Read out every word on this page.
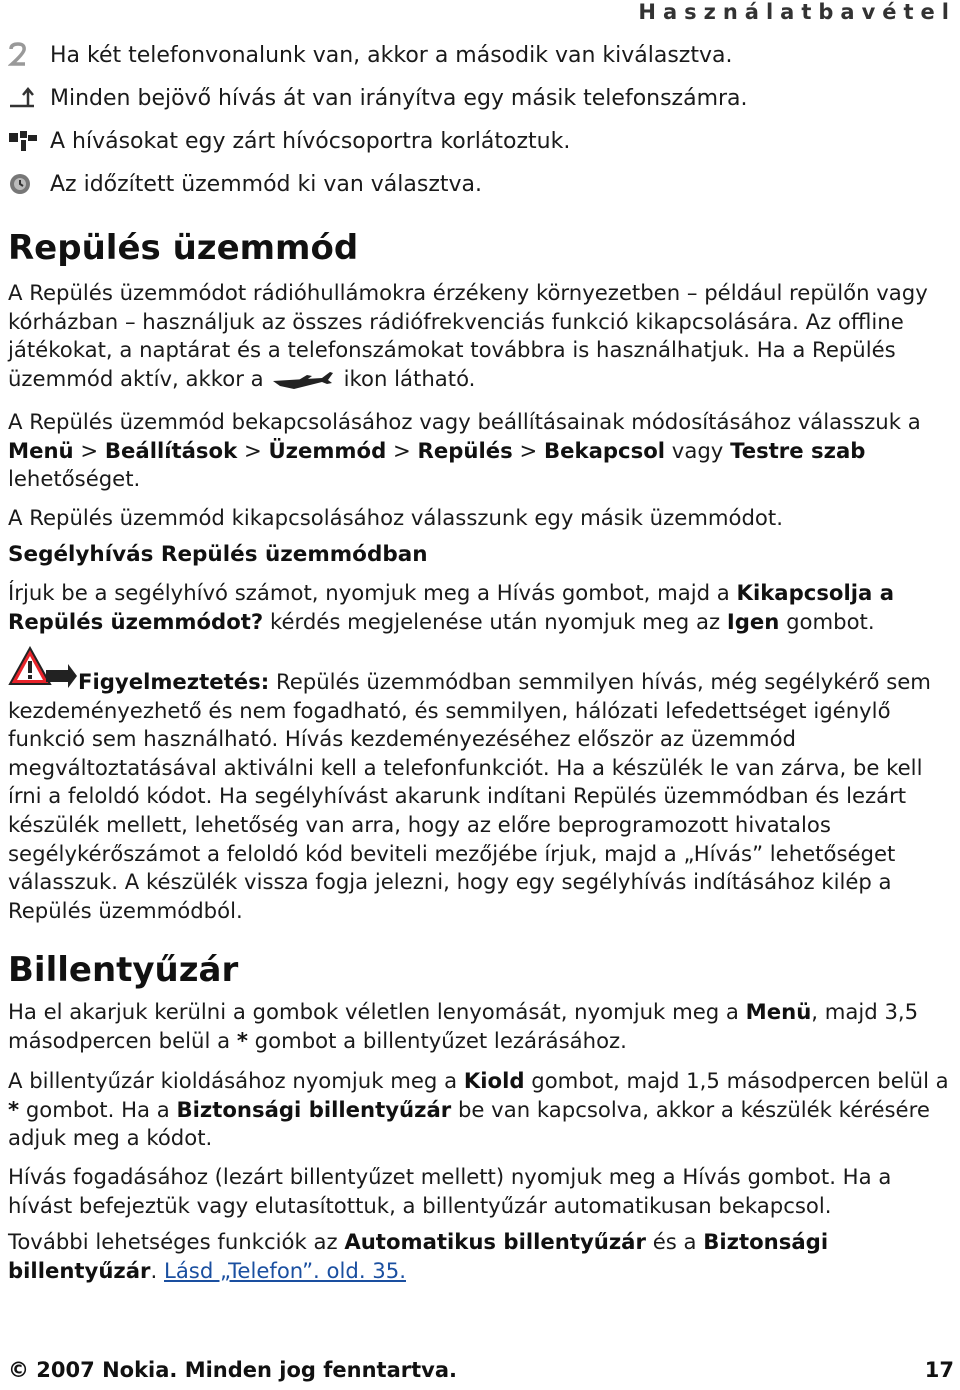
Használatbavétel
Ha két telefonvonalunk van, akkor a második van kiválasztva.
Minden bejövő hívás át van irányítva egy másik telefonszámra.
A hívásokat egy zárt hívócsoportra korlátoztuk.
Az időzített üzemmód ki van választva.
Repülés üzemmód

A Repülés üzemmódot rádióhullámokra érzékeny környezetben – például repülőn vagy kórházban – használjuk az összes rádiófrekvenciás funkció kikapcsolására. Az offline játékokat, a naptárat és a telefonszámokat továbbra is használhatjuk. Ha a Repülés üzemmód aktív, akkor a	ikon látható.

A Repülés üzemmód bekapcsolásához vagy beállításainak módosításához válasszuk a Menü > Beállítások > Üzemmód > Repülés > Bekapcsol vagy Testre szab lehetőséget.

A Repülés üzemmód kikapcsolásához válasszunk egy másik üzemmódot.

Segélyhívás Repülés üzemmódban

Írjuk be a segélyhívó számot, nyomjuk meg a Hívás gombot, majd a Kikapcsolja a Repülés üzemmódot? kérdés megjelenése után nyomjuk meg az Igen gombot.

Figyelmeztetés: Repülés üzemmódban semmilyen hívás, még segélykérő sem kezdeményezhető és nem fogadható, és semmilyen, hálózati lefedettséget igénylő funkció sem használható. Hívás kezdeményezéséhez először az üzemmód megváltoztatásával aktiválni kell a telefonfunkciót. Ha a készülék le van zárva, be kell írni a feloldó kódot. Ha segélyhívást akarunk indítani Repülés üzemmódban és lezárt készülék mellett, lehetőség van arra, hogy az előre beprogramozott hivatalos segélykérőszámot a feloldó kód beviteli mezőjébe írjuk, majd a „Hívás” lehetőséget válasszuk. A készülék vissza fogja jelezni, hogy egy segélyhívás indításához kilép a Repülés üzemmódból.

Billentyűzár

Ha el akarjuk kerülni a gombok véletlen lenyomását, nyomjuk meg a Menü, majd 3,5 másodpercen belül a * gombot a billentyűzet lezárásához.

A billentyűzár kioldásához nyomjuk meg a Kiold gombot, majd 1,5 másodpercen belül a * gombot. Ha a Biztonsági billentyűzár be van kapcsolva, akkor a készülék kérésére adjuk meg a kódot.

Hívás fogadásához (lezárt billentyűzet mellett) nyomjuk meg a Hívás gombot. Ha a hívást befejeztük vagy elutasítottuk, a billentyűzár automatikusan bekapcsol.

További lehetséges funkciók az Automatikus billentyűzár és a Biztonsági billentyűzár. Lásd „Telefon”. old. 35.

© 2007 Nokia. Minden jog fenntartva.	17
